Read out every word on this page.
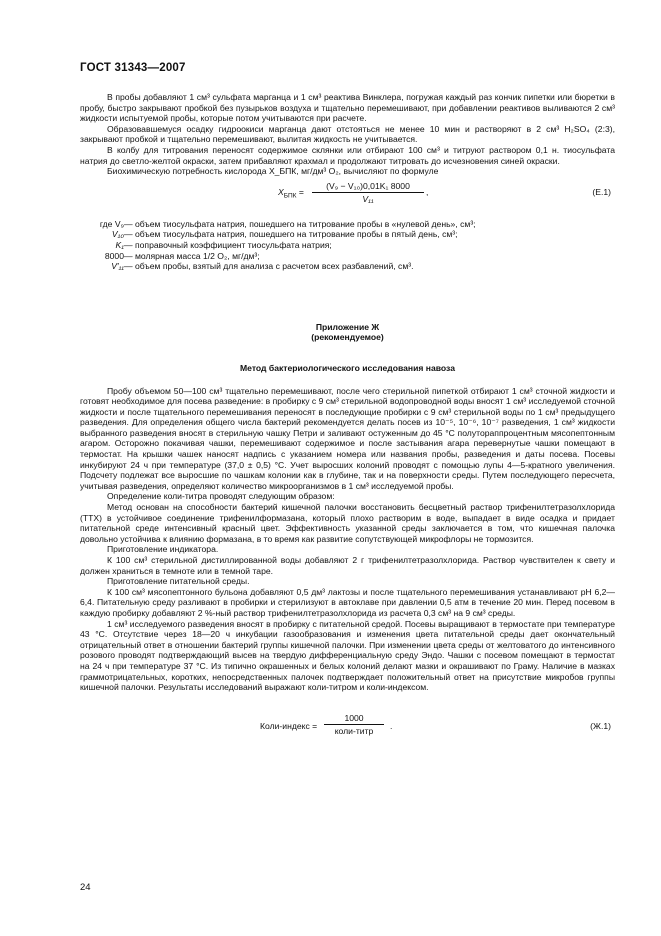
ГОСТ 31343—2007

В пробы добавляют 1 см³ сульфата марганца и 1 см³ реактива Винклера, погружая каждый раз кончик пипетки или бюретки в пробу, быстро закрывают пробкой без пузырьков воздуха и тщательно перемешивают, при добавлении реактивов выливаются 2 см³ жидкости испытуемой пробы, которые потом учитываются при расчете.

Образовавшемуся осадку гидроокиси марганца дают отстояться не менее 10 мин и растворяют в 2 см³ H₂SO₄ (2:3), закрывают пробкой и тщательно перемешивают, вылитая жидкость не учитывается.

В колбу для титрования переносят содержимое склянки или отбирают 100 см³ и титруют раствором 0,1 н. тиосульфата натрия до светло-желтой окраски, затем прибавляют крахмал и продолжают титровать до исчезновения синей окраски.

Биохимическую потребность кислорода X_БПК, мг/дм³ O₂, вычисляют по формуле

$X_{БПК} = \frac{\text{(V₉ − V₁₀)0,01K₁ 8000}}{\text{V₁₁}}$ ,	(Е.1)
где V₉	— объем тиосульфата натрия, пошедшего на титрование пробы в «нулевой день», см³;
V₁₀	— объем тиосульфата натрия, пошедшего на титрование пробы в пятый день, см³;
K₁	— поправочный коэффициент тиосульфата натрия;
8000	— молярная масса 1/2 O₂, мг/дм³;
V′₁₁	— объем пробы, взятый для анализа с расчетом всех разбавлений, см³.
Приложение Ж
(рекомендуемое)
Метод бактериологического исследования навоза

Пробу объемом 50—100 см³ тщательно перемешивают, после чего стерильной пипеткой отбирают 1 см³ сточной жидкости и готовят необходимое для посева разведение: в пробирку с 9 см³ стерильной водопроводной воды вносят 1 см³ исследуемой сточной жидкости и после тщательного перемешивания переносят в последующие пробирки с 9 см³ стерильной воды по 1 см³ предыдущего разведения. Для определения общего числа бактерий рекомендуется делать посев из 10⁻⁵, 10⁻⁶, 10⁻⁷ разведения, 1 см³ жидкости выбранного разведения вносят в стерильную чашку Петри и заливают остуженным до 45 °С полутораппроцентным мясопептонным агаром. Осторожно покачивая чашки, перемешивают содержимое и после застывания агара перевернутые чашки помещают в термостат. На крышки чашек наносят надпись с указанием номера или названия пробы, разведения и даты посева. Посевы инкубируют 24 ч при температуре (37,0 ± 0,5) °С. Учет выросших колоний проводят с помощью лупы 4—5-кратного увеличения. Подсчету подлежат все выросшие по чашкам колонии как в глубине, так и на поверхности среды. Путем последующего пересчета, учитывая разведения, определяют количество микроорганизмов в 1 см³ исследуемой пробы.

Определение коли-титра проводят следующим образом:

Метод основан на способности бактерий кишечной палочки восстановить бесцветный раствор трифенилтетразолхлорида (ТТХ) в устойчивое соединение трифенилформазана, который плохо растворим в воде, выпадает в виде осадка и придает питательной среде интенсивный красный цвет. Эффективность указанной среды заключается в том, что кишечная палочка довольно устойчива к влиянию формазана, в то время как развитие сопутствующей микрофлоры не тормозится.

Приготовление индикатора.

К 100 см³ стерильной дистиллированной воды добавляют 2 г трифенилтетразолхлорида. Раствор чувствителен к свету и должен храниться в темноте или в темной таре.

Приготовление питательной среды.

К 100 см³ мясопептонного бульона добавляют 0,5 дм³ лактозы и после тщательного перемешивания устанавливают pH 6,2—6,4. Питательную среду разливают в пробирки и стерилизуют в автоклаве при давлении 0,5 атм в течение 20 мин. Перед посевом в каждую пробирку добавляют 2 %-ный раствор трифенилтетразолхлорида из расчета 0,3 см³ на 9 см³ среды.

1 см³ исследуемого разведения вносят в пробирку с питательной средой. Посевы выращивают в термостате при температуре 43 °С. Отсутствие через 18—20 ч инкубации газообразования и изменения цвета питательной среды дает окончательный отрицательный ответ в отношении бактерий группы кишечной палочки. При изменении цвета среды от желтоватого до интенсивного розового проводят подтверждающий высев на твердую дифференциальную среду Эндо. Чашки с посевом помещают в термостат на 24 ч при температуре 37 °С. Из типично окрашенных и белых колоний делают мазки и окрашивают по Граму. Наличие в мазках граммотрицательных, коротких, непосредственных палочек подтверждает положительный ответ на присутствие микробов группы кишечной палочки. Результаты исследований выражают коли-титром и коли-индексом.

Коли-индекс =
1000
коли-титр
.	(Ж.1)
24
